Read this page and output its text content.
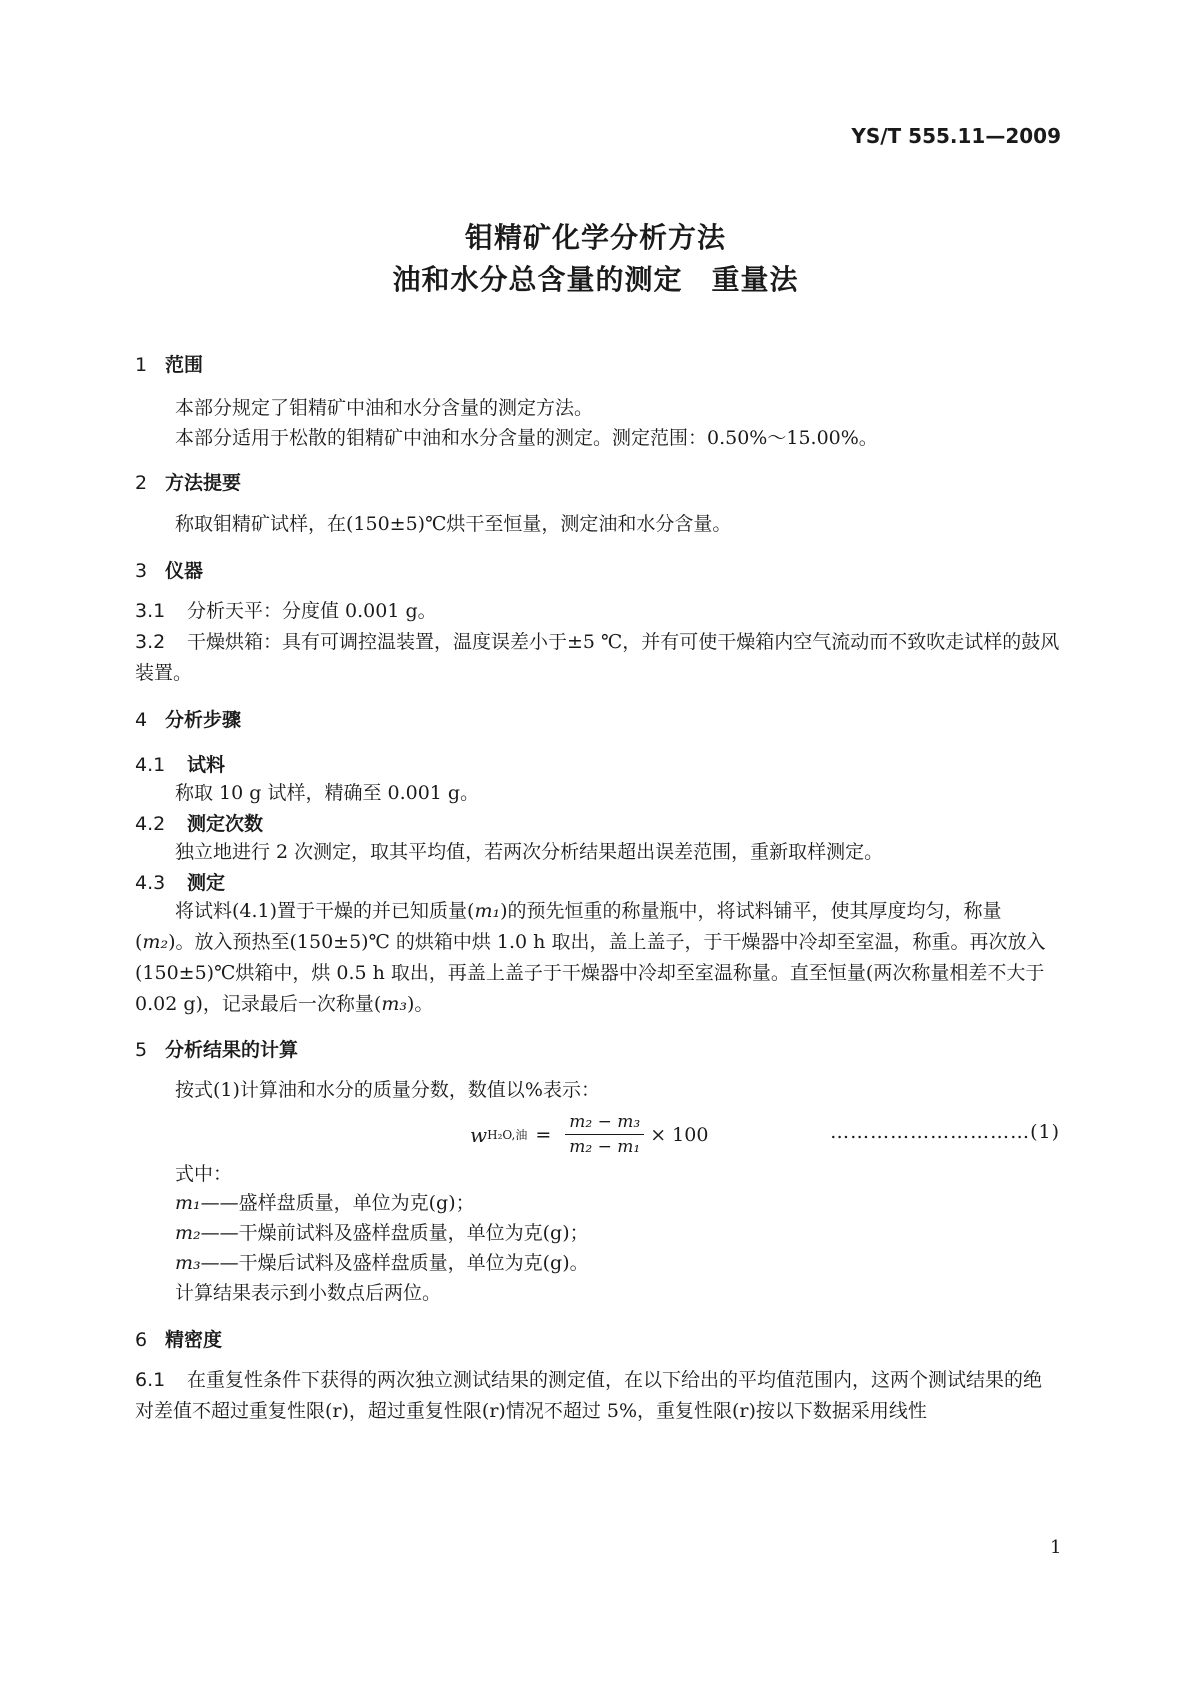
YS/T 555.11—2009
钼精矿化学分析方法
油和水分总含量的测定　重量法
1 范围
本部分规定了钼精矿中油和水分含量的测定方法。
本部分适用于松散的钼精矿中油和水分含量的测定。测定范围：0.50%～15.00%。
2 方法提要
称取钼精矿试样，在(150±5)℃烘干至恒量，测定油和水分含量。
3 仪器
3.1 分析天平：分度值 0.001 g。
3.2 干燥烘箱：具有可调控温装置，温度误差小于±5 ℃，并有可使干燥箱内空气流动而不致吹走试样的鼓风装置。
4 分析步骤
4.1 试料
称取 10 g 试样，精确至 0.001 g。
4.2 测定次数
独立地进行 2 次测定，取其平均值，若两次分析结果超出误差范围，重新取样测定。
4.3 测定
将试料(4.1)置于干燥的并已知质量(m₁)的预先恒重的称量瓶中，将试料铺平，使其厚度均匀，称量(m₂)。放入预热至(150±5)℃ 的烘箱中烘 1.0 h 取出，盖上盖子，于干燥器中冷却至室温，称重。再次放入(150±5)℃烘箱中，烘 0.5 h 取出，再盖上盖子于干燥器中冷却至室温称量。直至恒量(两次称量相差不大于 0.02 g)，记录最后一次称量(m₃)。
5 分析结果的计算
按式(1)计算油和水分的质量分数，数值以%表示：
w H₂O,油 = $\frac{\text{m₂ − m₃}}{\text{m₂ − m₁}} \times 100$	…………………………(1)
式中：
m₁——盛样盘质量，单位为克(g)；
m₂——干燥前试料及盛样盘质量，单位为克(g)；
m₃——干燥后试料及盛样盘质量，单位为克(g)。
计算结果表示到小数点后两位。
6 精密度
6.1 在重复性条件下获得的两次独立测试结果的测定值，在以下给出的平均值范围内，这两个测试结果的绝对差值不超过重复性限(r)，超过重复性限(r)情况不超过 5%，重复性限(r)按以下数据采用线性
1
